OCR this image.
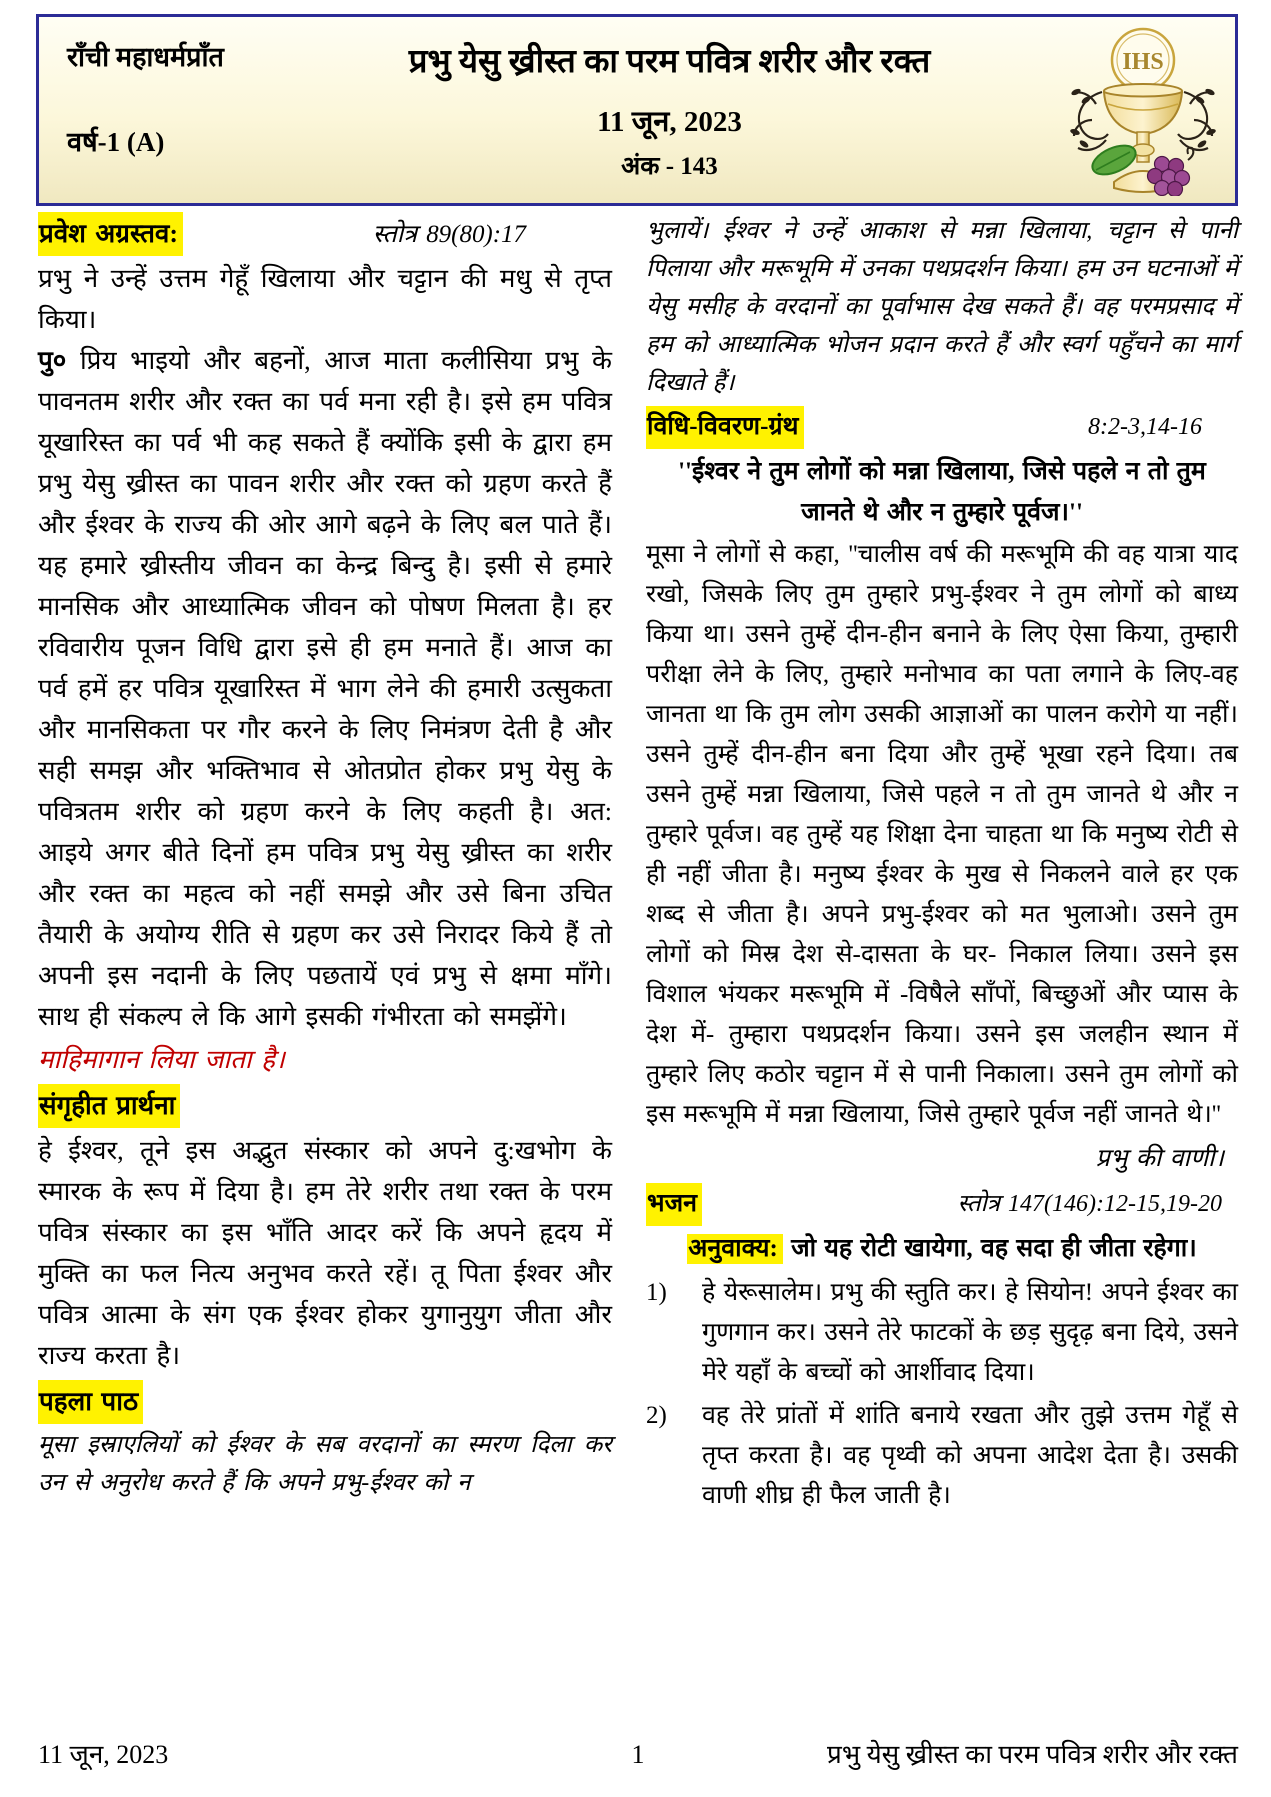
राँची महाधर्मप्राँत
वर्ष-1 (A)
प्रभु येसु ख्रीस्त का परम पवित्र शरीर और रक्त
11 जून, 2023
अंक - 143
IHS
प्रवेश अग्रस्तव:	स्तोत्र 89(80):17

प्रभु ने उन्हें उत्तम गेहूँ खिलाया और चट्टान की मधु से तृप्त किया।

पु० प्रिय भाइयो और बहनों, आज माता कलीसिया प्रभु के पावनतम शरीर और रक्त का पर्व मना रही है। इसे हम पवित्र यूखारिस्त का पर्व भी कह सकते हैं क्योंकि इसी के द्वारा हम प्रभु येसु ख्रीस्त का पावन शरीर और रक्त को ग्रहण करते हैं और ईश्वर के राज्य की ओर आगे बढ़ने के लिए बल पाते हैं। यह हमारे ख्रीस्तीय जीवन का केन्द्र बिन्दु है। इसी से हमारे मानसिक और आध्यात्मिक जीवन को पोषण मिलता है। हर रविवारीय पूजन विधि द्वारा इसे ही हम मनाते हैं। आज का पर्व हमें हर पवित्र यूखारिस्त में भाग लेने की हमारी उत्सुकता और मानसिकता पर गौर करने के लिए निमंत्रण देती है और सही समझ और भक्तिभाव से ओतप्रोत होकर प्रभु येसु के पवित्रतम शरीर को ग्रहण करने के लिए कहती है। अत: आइये अगर बीते दिनों हम पवित्र प्रभु येसु ख्रीस्त का शरीर और रक्त का महत्व को नहीं समझे और उसे बिना उचित तैयारी के अयोग्य रीति से ग्रहण कर उसे निरादर किये हैं तो अपनी इस नदानी के लिए पछतायें एवं प्रभु से क्षमा माँगे। साथ ही संकल्प ले कि आगे इसकी गंभीरता को समझेंगे।

माहिमागान लिया जाता है।

संगृहीत प्रार्थना

हे ईश्वर, तूने इस अद्भुत संस्कार को अपने दु:खभोग के स्मारक के रूप में दिया है। हम तेरे शरीर तथा रक्त के परम पवित्र संस्कार का इस भाँति आदर करें कि अपने हृदय में मुक्ति का फल नित्य अनुभव करते रहें। तू पिता ईश्वर और पवित्र आत्मा के संग एक ईश्वर होकर युगानुयुग जीता और राज्य करता है।

पहला पाठ

मूसा इस्राएलियों को ईश्वर के सब वरदानों का स्मरण दिला कर उन से अनुरोध करते हैं कि अपने प्रभु-ईश्वर को न

भुलायें। ईश्वर ने उन्हें आकाश से मन्ना खिलाया, चट्टान से पानी पिलाया और मरूभूमि में उनका पथप्रदर्शन किया। हम उन घटनाओं में येसु मसीह के वरदानों का पूर्वाभास देख सकते हैं। वह परमप्रसाद में हम को आध्यात्मिक भोजन प्रदान करते हैं और स्वर्ग पहुँचने का मार्ग दिखाते हैं।

विधि-विवरण-ग्रंथ	8:2-3,14-16

''ईश्वर ने तुम लोगों को मन्ना खिलाया, जिसे पहले न तो तुम जानते थे और न तुम्हारे पूर्वज।''

मूसा ने लोगों से कहा, ''चालीस वर्ष की मरूभूमि की वह यात्रा याद रखो, जिसके लिए तुम तुम्हारे प्रभु-ईश्वर ने तुम लोगों को बाध्य किया था। उसने तुम्हें दीन-हीन बनाने के लिए ऐसा किया, तुम्हारी परीक्षा लेने के लिए, तुम्हारे मनोभाव का पता लगाने के लिए-वह जानता था कि तुम लोग उसकी आज्ञाओं का पालन करोगे या नहीं। उसने तुम्हें दीन-हीन बना दिया और तुम्हें भूखा रहने दिया। तब उसने तुम्हें मन्ना खिलाया, जिसे पहले न तो तुम जानते थे और न तुम्हारे पूर्वज। वह तुम्हें यह शिक्षा देना चाहता था कि मनुष्य रोटी से ही नहीं जीता है। मनुष्य ईश्वर के मुख से निकलने वाले हर एक शब्द से जीता है। अपने प्रभु-ईश्वर को मत भुलाओ। उसने तुम लोगों को मिस्र देश से-दासता के घर- निकाल लिया। उसने इस विशाल भंयकर मरूभूमि में -विषैले साँपों, बिच्छुओं और प्यास के देश में- तुम्हारा पथप्रदर्शन किया। उसने इस जलहीन स्थान में तुम्हारे लिए कठोर चट्टान में से पानी निकाला। उसने तुम लोगों को इस मरूभूमि में मन्ना खिलाया, जिसे तुम्हारे पूर्वज नहीं जानते थे।''

प्रभु की वाणी।

भजन	स्तोत्र 147(146):12-15,19-20

अनुवाक्य: जो यह रोटी खायेगा, वह सदा ही जीता रहेगा।

1)	हे येरूसालेम। प्रभु की स्तुति कर। हे सियोन! अपने ईश्वर का गुणगान कर। उसने तेरे फाटकों के छड़ सुदृढ़ बना दिये, उसने मेरे यहाँ के बच्चों को आर्शीवाद दिया।
2)	वह तेरे प्रांतों में शांति बनाये रखता और तुझे उत्तम गेहूँ से तृप्त करता है। वह पृथ्वी को अपना आदेश देता है। उसकी वाणी शीघ्र ही फैल जाती है।
11 जून, 2023	1	प्रभु येसु ख्रीस्त का परम पवित्र शरीर और रक्त
